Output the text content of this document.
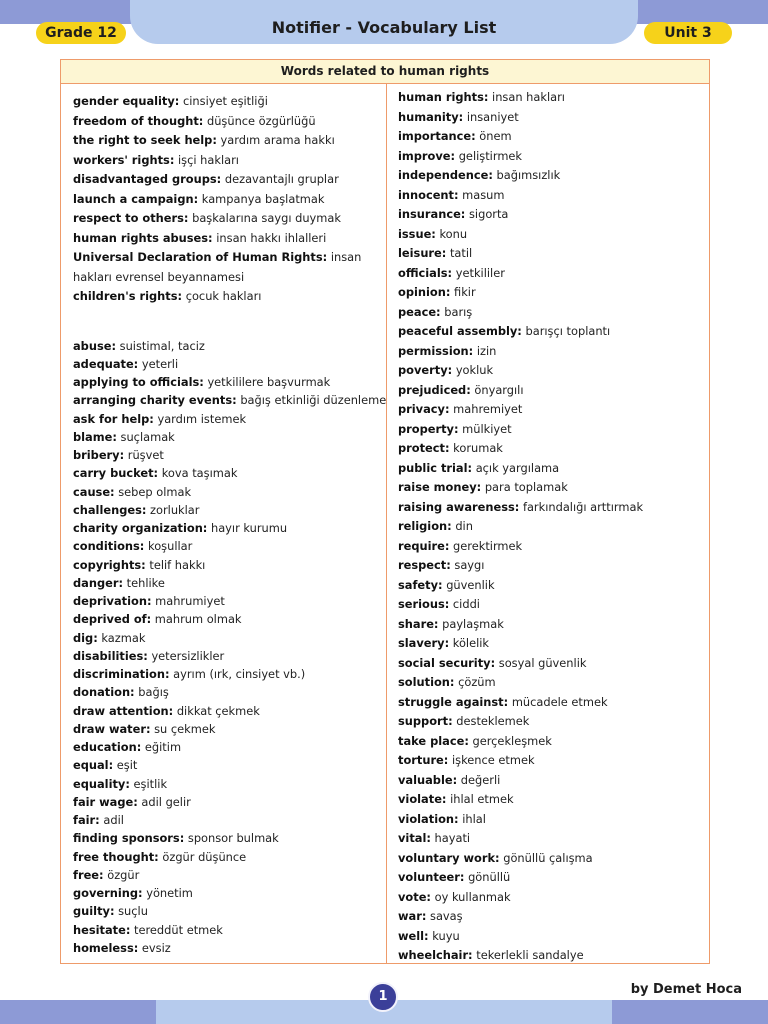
Notifier - Vocabulary List
Grade 12	Unit 3
Words related to human rights
gender equality: cinsiyet eşitliği
freedom of thought: düşünce özgürlüğü
the right to seek help: yardım arama hakkı
workers' rights: işçi hakları
disadvantaged groups: dezavantajlı gruplar
launch a campaign: kampanya başlatmak
respect to others: başkalarına saygı duymak
human rights abuses: insan hakkı ihlalleri
Universal Declaration of Human Rights: insan hakları evrensel beyannamesi
children's rights: çocuk hakları
abuse: suistimal, taciz
adequate: yeterli
applying to officials: yetkililere başvurmak
arranging charity events: bağış etkinliği düzenleme
ask for help: yardım istemek
blame: suçlamak
bribery: rüşvet
carry bucket: kova taşımak
cause: sebep olmak
challenges: zorluklar
charity organization: hayır kurumu
conditions: koşullar
copyrights: telif hakkı
danger: tehlike
deprivation: mahrumiyet
deprived of: mahrum olmak
dig: kazmak
disabilities: yetersizlikler
discrimination: ayrım (ırk, cinsiyet vb.)
donation: bağış
draw attention: dikkat çekmek
draw water: su çekmek
education: eğitim
equal: eşit
equality: eşitlik
fair wage: adil gelir
fair: adil
finding sponsors: sponsor bulmak
free thought: özgür düşünce
free: özgür
governing: yönetim
guilty: suçlu
hesitate: tereddüt etmek
homeless: evsiz
human rights: insan hakları
humanity: insaniyet
importance: önem
improve: geliştirmek
independence: bağımsızlık
innocent: masum
insurance: sigorta
issue: konu
leisure: tatil
officials: yetkililer
opinion: fikir
peace: barış
peaceful assembly: barışçı toplantı
permission: izin
poverty: yokluk
prejudiced: önyargılı
privacy: mahremiyet
property: mülkiyet
protect: korumak
public trial: açık yargılama
raise money: para toplamak
raising awareness: farkındalığı arttırmak
religion: din
require: gerektirmek
respect: saygı
safety: güvenlik
serious: ciddi
share: paylaşmak
slavery: kölelik
social security: sosyal güvenlik
solution: çözüm
struggle against: mücadele etmek
support: desteklemek
take place: gerçekleşmek
torture: işkence etmek
valuable: değerli
violate: ihlal etmek
violation: ihlal
vital: hayati
voluntary work: gönüllü çalışma
volunteer: gönüllü
vote: oy kullanmak
war: savaş
well: kuyu
wheelchair: tekerlekli sandalye
1	by Demet Hoca
